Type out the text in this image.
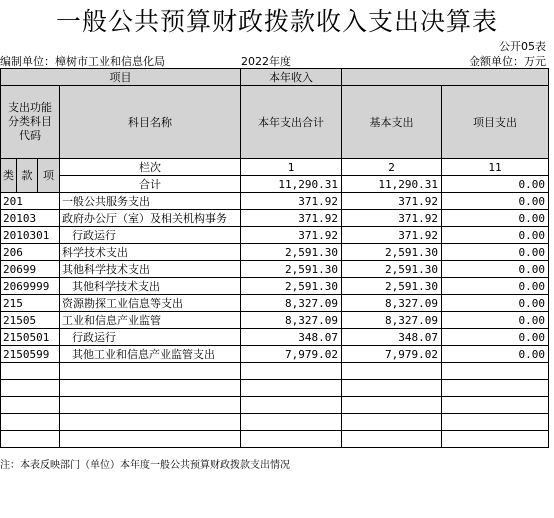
一般公共预算财政拨款收入支出决算表
公开05表
编制单位：樟树市工业和信息化局	2022年度	金额单位：万元
项目				本年收入		
支出功能分类科目代码			科目名称	本年支出合计	基本支出	项目支出
类	款	项	栏次	1	2	11
			合计	11,290.31	11,290.31	0.00
201			一般公共服务支出	371.92	371.92	0.00
20103			政府办公厅（室）及相关机构事务	371.92	371.92	0.00
2010301			行政运行	371.92	371.92	0.00
206			科学技术支出	2,591.30	2,591.30	0.00
20699			其他科学技术支出	2,591.30	2,591.30	0.00
2069999			其他科学技术支出	2,591.30	2,591.30	0.00
215			资源勘探工业信息等支出	8,327.09	8,327.09	0.00
21505			工业和信息产业监管	8,327.09	8,327.09	0.00
2150501			行政运行	348.07	348.07	0.00
2150599			其他工业和信息产业监管支出	7,979.02	7,979.02	0.00

注：本表反映部门（单位）本年度一般公共预算财政拨款支出情况
